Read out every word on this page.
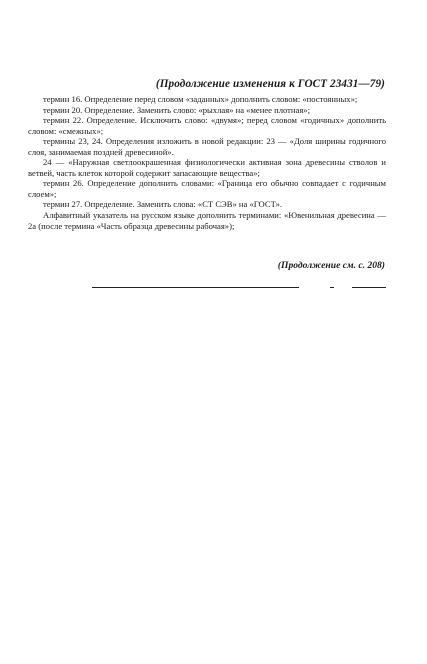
(Продолжение изменения к ГОСТ 23431—79)

термин 16. Определение перед словом «заданных» дополнить словом: «постоянных»;

термин 20. Определение. Заменить слово: «рыхлая» на «менее плотная»;

термин 22. Определение. Исключить слово: «двумя»; перед словом «годичных» дополнить словом: «смежных»;

термины 23, 24. Определения изложить в новой редакции: 23 — «Доля ширины годичного слоя, занимаемая поздней древесиной».

24 — «Наружная светлоокрашенная физиологически активная зона древесины стволов и ветвей, часть клеток которой содержит запасающие вещества»;

термин 26. Определение дополнить словами: «Граница его обычно совпадает с годичным слоем»;

термин 27. Определение. Заменить слова: «СТ СЭВ» на «ГОСТ».

Алфавитный указатель на русском языке дополнить терминами: «Ювенильная древесина — 2а (после термина «Часть образца древесины рабочая»);

(Продолжение см. с. 208)
